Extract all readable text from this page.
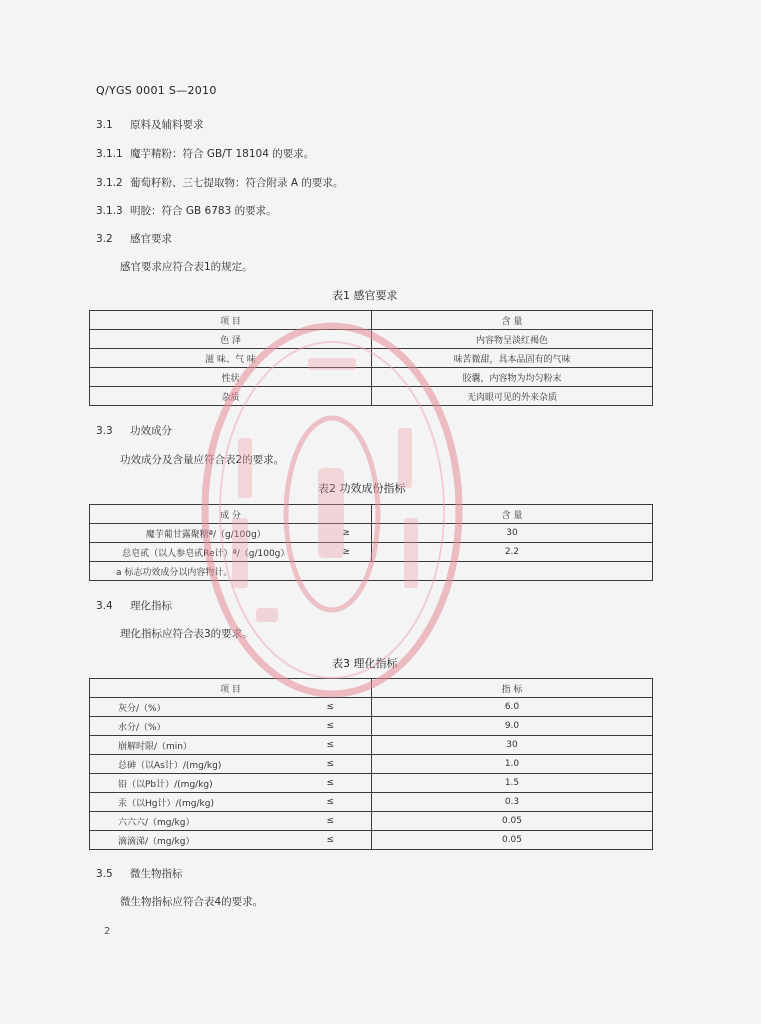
Q/YGS 0001 S—2010
3.1 原料及辅料要求
3.1.1 魔芋精粉：符合 GB/T 18104 的要求。
3.1.2 葡萄籽粉、三七提取物：符合附录 A 的要求。
3.1.3 明胶：符合 GB 6783 的要求。
3.2 感官要求
感官要求应符合表1的规定。
表1 感官要求
项 目	含 量
色 泽	内容物呈淡红褐色
滋 味、气 味	味苦微甜，具本品固有的气味
性状	胶囊，内容物为均匀粉末
杂质	无肉眼可见的外来杂质
3.3 功效成分
功效成分及含量应符合表2的要求。
表2 功效成份指标
成 分		含 量
魔芋葡甘露聚糖ª/（g/100g）	≥	30
总皂甙（以人参皂甙Re计）ª/（g/100g）	≥	2.2
a 标志功效成分以内容物计。		
3.4 理化指标
理化指标应符合表3的要求。
表3 理化指标
项 目		指 标
灰分/（%）	≤	6.0
水分/（%）	≤	9.0
崩解时限/（min）	≤	30
总砷（以As计）/(mg/kg)	≤	1.0
铅（以Pb计）/(mg/kg)	≤	1.5
汞（以Hg计）/(mg/kg)	≤	0.3
六六六/（mg/kg）	≤	0.05
滴滴涕/（mg/kg）	≤	0.05
3.5 微生物指标
微生物指标应符合表4的要求。
2
